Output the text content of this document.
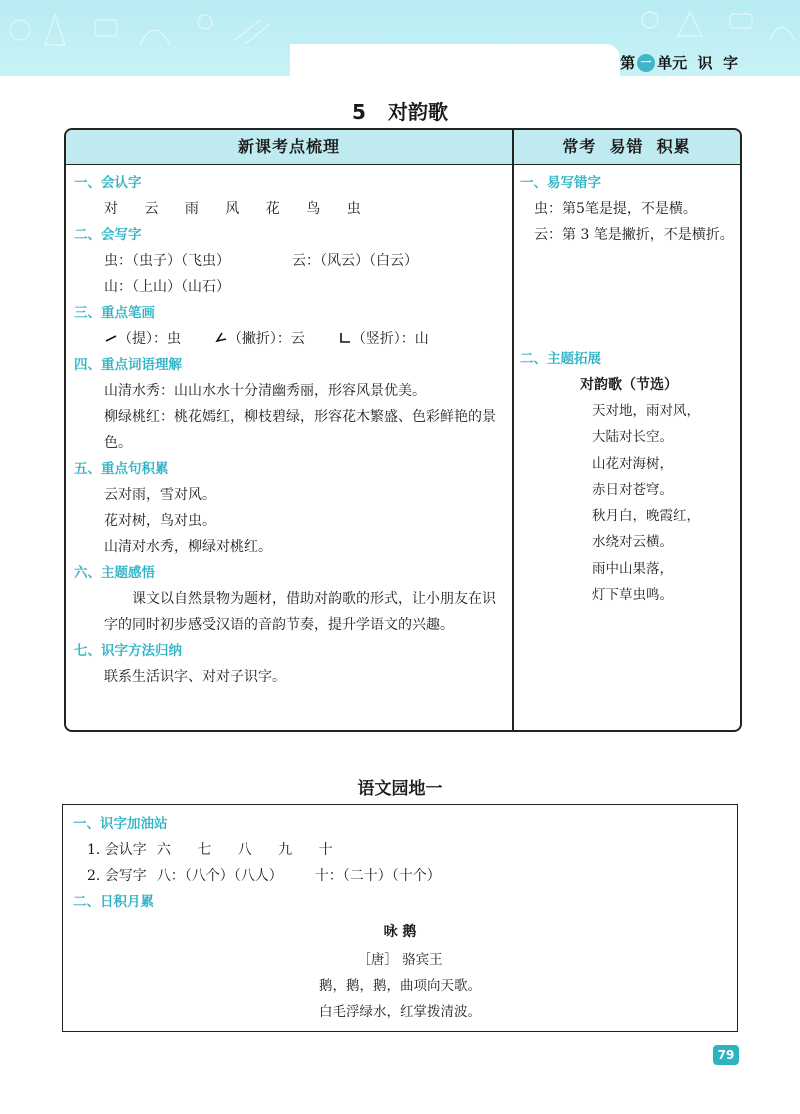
第 一 单元  识  字
5 对韵歌
新课考点梳理	常考  易错  积累
一、会认字
对 云 雨 风 花 鸟 虫
二、会写字
虫：（虫子）（飞虫）	云：（风云）（白云）
山：（上山）（山石）
三、重点笔画
（提）：虫	（撇折）：云	（竖折）：山
四、重点词语理解
山清水秀：山山水水十分清幽秀丽，形容风景优美。
柳绿桃红：桃花嫣红，柳枝碧绿，形容花木繁盛、色彩鲜艳的景色。
五、重点句积累
云对雨，雪对风。
花对树，鸟对虫。
山清对水秀，柳绿对桃红。
六、主题感悟
课文以自然景物为题材，借助对韵歌的形式，让小朋友在识字的同时初步感受汉语的音韵节奏，提升学语文的兴趣。
七、识字方法归纳
联系生活识字、对对子识字。
一、易写错字
虫：第5笔是提，不是横。
云：第 3 笔是撇折，不是横折。
二、主题拓展
对韵歌（节选）
天对地，雨对风，
大陆对长空。
山花对海树，
赤日对苍穹。
秋月白，晚霞红，
水绕对云横。
雨中山果落，
灯下草虫鸣。
语文园地一
一、识字加油站
1. 会认字 六 七 八 九 十
2. 会写字 八：（八个）（八人） 十：（二十）（十个）
二、日积月累
咏 鹅
［唐］ 骆宾王
鹅，鹅，鹅，曲项向天歌。
白毛浮绿水，红掌拨清波。
79
